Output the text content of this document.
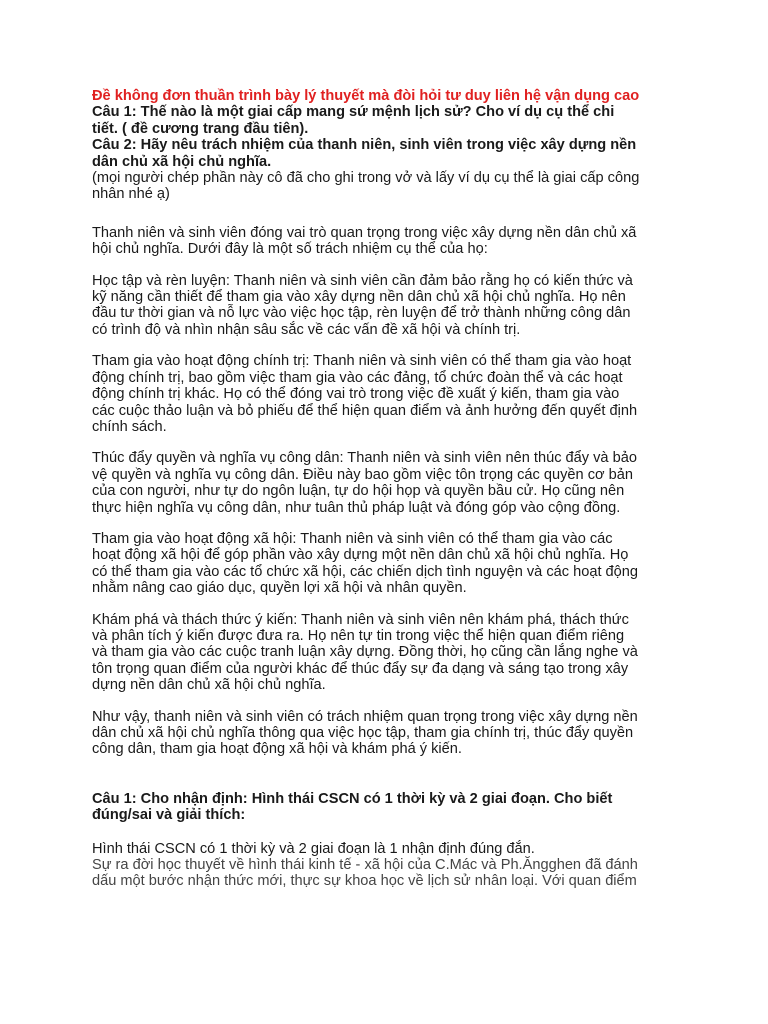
Đề không đơn thuần trình bày lý thuyết mà đòi hỏi tư duy liên hệ vận dụng cao
Câu 1: Thế nào là một giai cấp mang sứ mệnh lịch sử? Cho ví dụ cụ thể chi
tiết. ( đề cương trang đầu tiên).
Câu 2: Hãy nêu trách nhiệm của thanh niên, sinh viên trong việc xây dựng nền
dân chủ xã hội chủ nghĩa.
(mọi người chép phần này cô đã cho ghi trong vở và lấy ví dụ cụ thể là giai cấp công
nhân nhé ạ)
Thanh niên và sinh viên đóng vai trò quan trọng trong việc xây dựng nền dân chủ xã
hội chủ nghĩa. Dưới đây là một số trách nhiệm cụ thể của họ:
Học tập và rèn luyện: Thanh niên và sinh viên cần đảm bảo rằng họ có kiến thức và
kỹ năng cần thiết để tham gia vào xây dựng nền dân chủ xã hội chủ nghĩa. Họ nên
đầu tư thời gian và nỗ lực vào việc học tập, rèn luyện để trở thành những công dân
có trình độ và nhìn nhận sâu sắc về các vấn đề xã hội và chính trị.
Tham gia vào hoạt động chính trị: Thanh niên và sinh viên có thể tham gia vào hoạt
động chính trị, bao gồm việc tham gia vào các đảng, tổ chức đoàn thể và các hoạt
động chính trị khác. Họ có thể đóng vai trò trong việc đề xuất ý kiến, tham gia vào
các cuộc thảo luận và bỏ phiếu để thể hiện quan điểm và ảnh hưởng đến quyết định
chính sách.
Thúc đẩy quyền và nghĩa vụ công dân: Thanh niên và sinh viên nên thúc đẩy và bảo
vệ quyền và nghĩa vụ công dân. Điều này bao gồm việc tôn trọng các quyền cơ bản
của con người, như tự do ngôn luận, tự do hội họp và quyền bầu cử. Họ cũng nên
thực hiện nghĩa vụ công dân, như tuân thủ pháp luật và đóng góp vào cộng đồng.
Tham gia vào hoạt động xã hội: Thanh niên và sinh viên có thể tham gia vào các
hoạt động xã hội để góp phần vào xây dựng một nền dân chủ xã hội chủ nghĩa. Họ
có thể tham gia vào các tổ chức xã hội, các chiến dịch tình nguyện và các hoạt động
nhằm nâng cao giáo dục, quyền lợi xã hội và nhân quyền.
Khám phá và thách thức ý kiến: Thanh niên và sinh viên nên khám phá, thách thức
và phân tích ý kiến được đưa ra. Họ nên tự tin trong việc thể hiện quan điểm riêng
và tham gia vào các cuộc tranh luận xây dựng. Đồng thời, họ cũng cần lắng nghe và
tôn trọng quan điểm của người khác để thúc đẩy sự đa dạng và sáng tạo trong xây
dựng nền dân chủ xã hội chủ nghĩa.
Như vậy, thanh niên và sinh viên có trách nhiệm quan trọng trong việc xây dựng nền
dân chủ xã hội chủ nghĩa thông qua việc học tập, tham gia chính trị, thúc đẩy quyền
công dân, tham gia hoạt động xã hội và khám phá ý kiến.
Câu 1: Cho nhận định: Hình thái CSCN có 1 thời kỳ và 2 giai đoạn. Cho biết
đúng/sai và giải thích:
Hình thái CSCN có 1 thời kỳ và 2 giai đoạn là 1 nhận định đúng đắn.
Sự ra đời học thuyết về hình thái kinh tế - xã hội của C.Mác và Ph.Ăngghen đã đánh
dấu một bước nhận thức mới, thực sự khoa học về lịch sử nhân loại. Với quan điểm
